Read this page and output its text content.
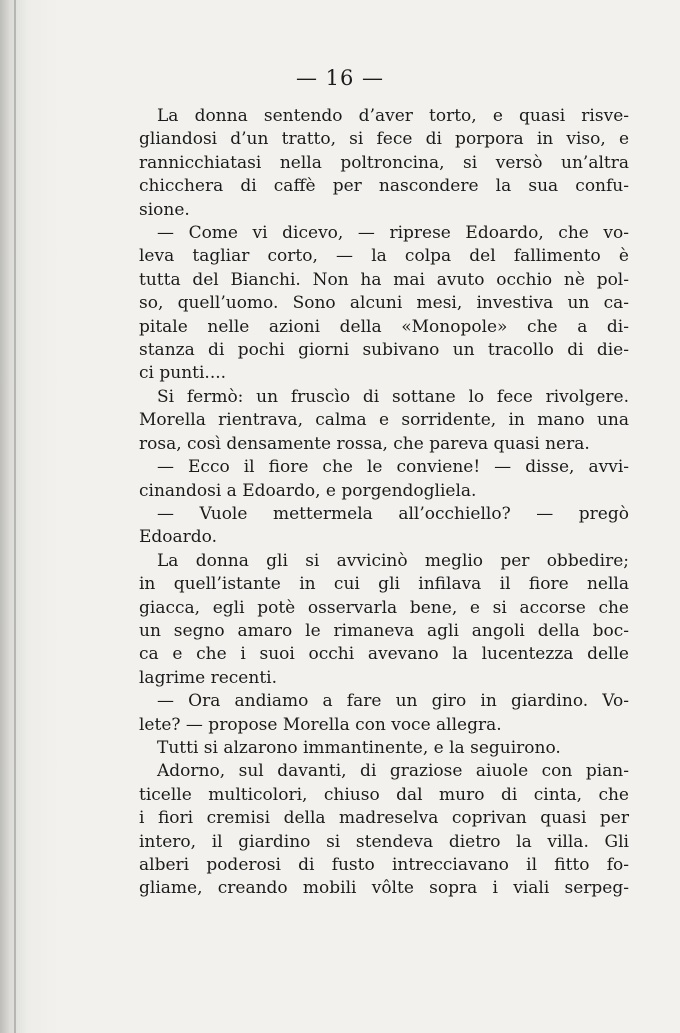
— 16 —

La donna sentendo d’aver torto, e quasi risve-
gliandosi d’un tratto, si fece di porpora in viso, e
rannicchiatasi nella poltroncina, si versò un’altra
chicchera di caffè per nascondere la sua confu-
sione.

— Come vi dicevo, — riprese Edoardo, che vo-
leva tagliar corto, — la colpa del fallimento è
tutta del Bianchi. Non ha mai avuto occhio nè pol-
so, quell’uomo. Sono alcuni mesi, investiva un ca-
pitale nelle azioni della «Monopole» che a di-
stanza di pochi giorni subivano un tracollo di die-
ci punti....

Si fermò: un fruscìo di sottane lo fece rivolgere.
Morella rientrava, calma e sorridente, in mano una
rosa, così densamente rossa, che pareva quasi nera.

— Ecco il fiore che le conviene! — disse, avvi-
cinandosi a Edoardo, e porgendogliela.

— Vuole mettermela all’occhiello? — pregò
Edoardo.

La donna gli si avvicinò meglio per obbedire;
in quell’istante in cui gli infilava il fiore nella
giacca, egli potè osservarla bene, e si accorse che
un segno amaro le rimaneva agli angoli della boc-
ca e che i suoi occhi avevano la lucentezza delle
lagrime recenti.

— Ora andiamo a fare un giro in giardino. Vo-
lete? — propose Morella con voce allegra.

Tutti si alzarono immantinente, e la seguirono.

Adorno, sul davanti, di graziose aiuole con pian-
ticelle multicolori, chiuso dal muro di cinta, che
i fiori cremisi della madreselva coprivan quasi per
intero, il giardino si stendeva dietro la villa. Gli
alberi poderosi di fusto intrecciavano il fitto fo-
gliame, creando mobili vôlte sopra i viali serpeg-
